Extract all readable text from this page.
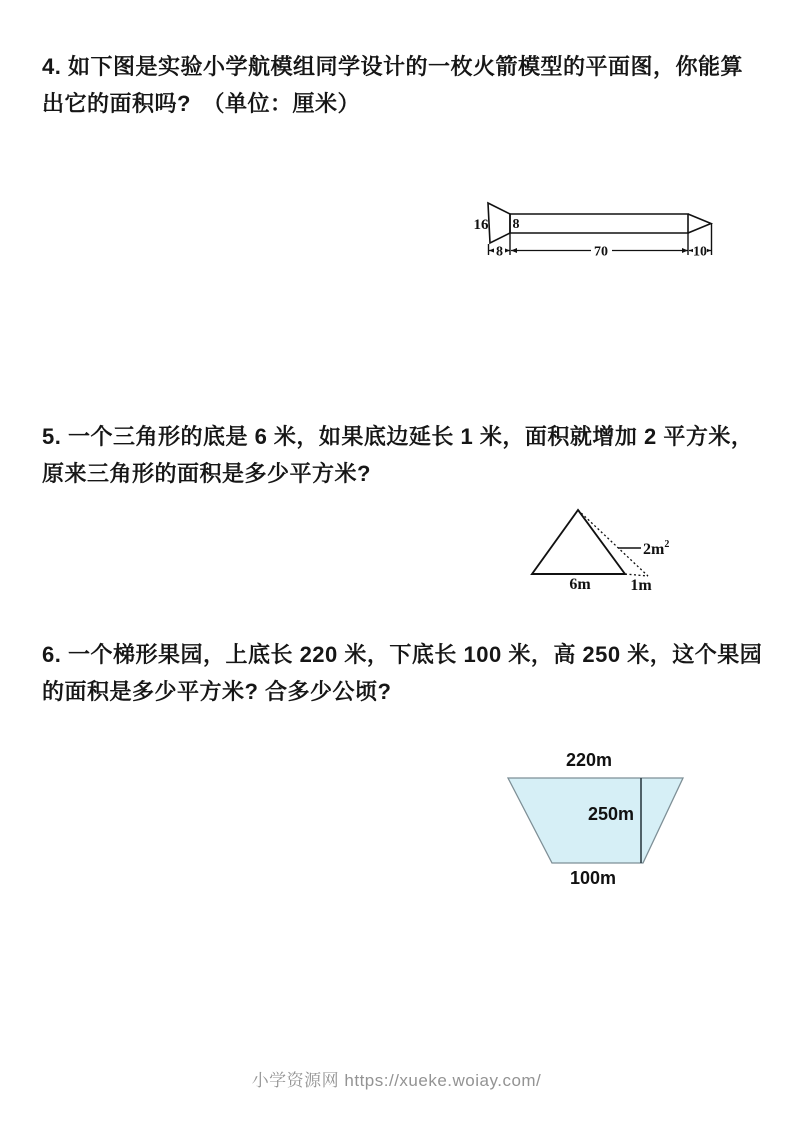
4. 如下图是实验小学航模组同学设计的一枚火箭模型的平面图，你能算
出它的面积吗?　（单位：厘米）
16 8
8	70	10
5. 一个三角形的底是 6 米，如果底边延长 1 米，面积就增加 2 平方米，
原来三角形的面积是多少平方米?
6m 1m
$2m^2$
6. 一个梯形果园，上底长 220 米，下底长 100 米，高 250 米，这个果园
的面积是多少平方米? 合多少公顷?
220m
250m
100m
小学资源网 https://xueke.woiay.com/
